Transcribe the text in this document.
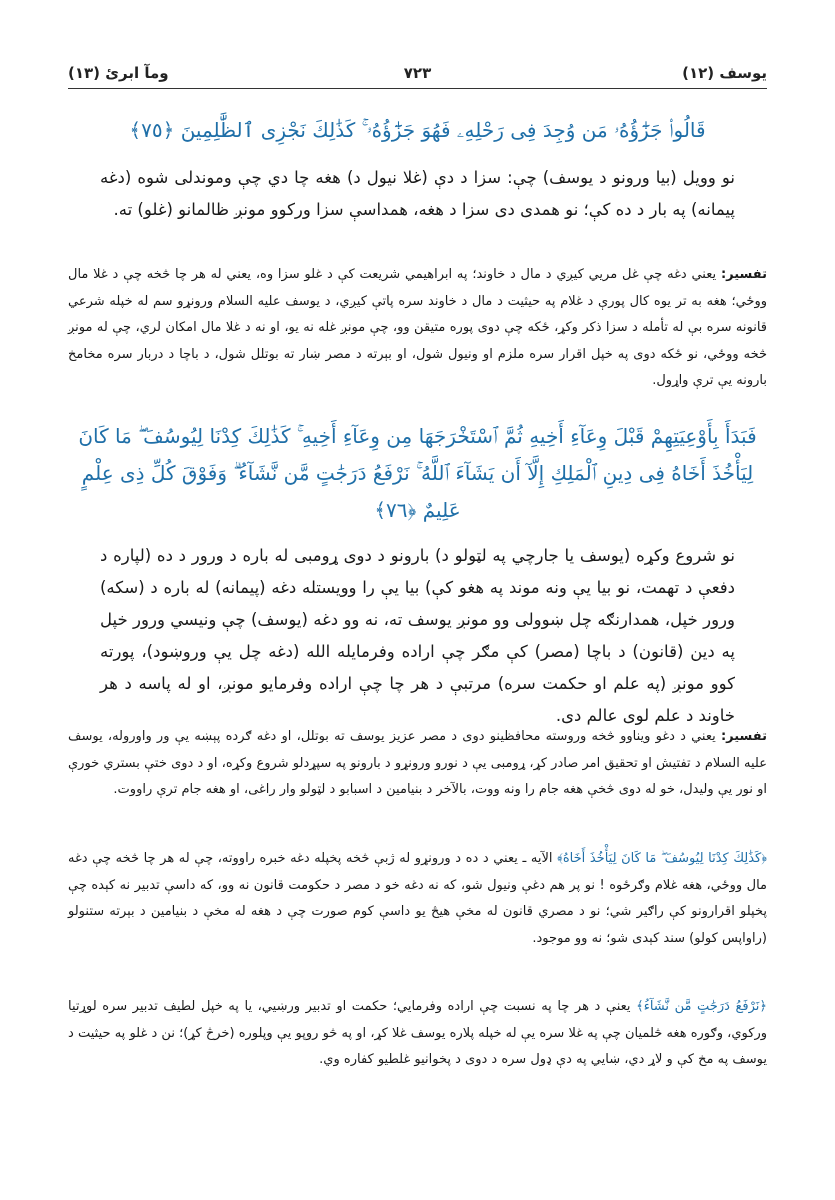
يوسف (١٢)
٧٢٣
ومآ ابرئ (١٣)
قَالُوا۟ جَزَٰٓؤُهُۥ مَن وُجِدَ فِى رَحْلِهِۦ فَهُوَ جَزَٰٓؤُهُۥ ۚ كَذَٰلِكَ نَجْزِى ٱلظَّٰلِمِينَ ﴿٧٥﴾
نو وويل (بيا ورونو د يوسف) چې: سزا د دې (غلا نيول د) هغه چا دي چې وموندلى شوه (دغه پيمانه) په بار د ده كې؛ نو همدى دى سزا د هغه، همداسې سزا وركوو مونږ ظالمانو (غلو) ته.
تفسير: يعني دغه چې غل مريي كيږي د مال د خاوند؛ په ابراهيمي شريعت كې د غلو سزا وه، يعني له هر چا څخه چې د غلا مال ووځي؛ هغه به تر يوه كال پورې د غلام په حيثيت د مال د خاوند سره پاتې كيږي، د يوسف عليه السلام ورونړو سم له خپله شرعي قانونه سره بې له تأمله د سزا ذكر وكړ، ځكه چې دوى پوره متيقن وو، چې مونږ غله نه يو، او نه د غلا مال امكان لري، چې له مونږ څخه ووځي، نو ځكه دوى په خپل اقرار سره ملزم او ونيول شول، او بېرته د مصر ښار ته بوتلل شول، د باچا د دربار سره مخامخ بارونه يې ترې واړول.
فَبَدَأَ بِأَوْعِيَتِهِمْ قَبْلَ وِعَآءِ أَخِيهِ ثُمَّ ٱسْتَخْرَجَهَا مِن وِعَآءِ أَخِيهِ ۚ كَذَٰلِكَ كِدْنَا لِيُوسُفَ ۖ مَا كَانَ لِيَأْخُذَ أَخَاهُ فِى دِينِ ٱلْمَلِكِ إِلَّآ أَن يَشَآءَ ٱللَّهُ ۚ نَرْفَعُ دَرَجَٰتٍ مَّن نَّشَآءُ ۗ وَفَوْقَ كُلِّ ذِى عِلْمٍ عَلِيمٌ ﴿٧٦﴾
نو شروع وكړه (يوسف يا جارچي په لټولو د) بارونو د دوى ړومبى له باره د ورور د ده (لپاره د دفعې د تهمت، نو بيا يې ونه موند په هغو كې) بيا يې را وويستله دغه (پيمانه) له باره د (سكه) ورور خپل، همدارنګه چل ښوولى وو مونږ يوسف ته، نه وو دغه (يوسف) چې ونيسي ورور خپل په دين (قانون) د باچا (مصر) كې مګر چې اراده وفرمايله الله (دغه چل يې وروښود)، پورته كوو مونږ (په علم او حكمت سره) مرتبې د هر چا چې اراده وفرمايو مونږ، او له پاسه د هر خاوند د علم لوى عالم دى.
تفسير: يعني د دغو ويناوو څخه وروسته محافظينو دوى د مصر عزيز يوسف ته بوتلل، او دغه ګرده پېښه يې ور واوروله، يوسف عليه السلام د تفتيش او تحقيق امر صادر كړ، ړومبى يې د نورو ورونړو د بارونو په سپړدلو شروع وكړه، او د دوى ختې بستري خورې او نور يې وليدل، خو له دوى څخې هغه جام را ونه ووت، بالآخر د بنيامين د اسبابو د لټولو وار راغى، او هغه جام ترې راووت.
﴿كَذَٰلِكَ كِدْنَا لِيُوسُفَ ۖ مَا كَانَ لِيَأْخُذَ أَخَاهُ﴾ الآيه ـ يعني د ده د ورونړو له ژبې څخه پخپله دغه خبره راووته، چې له هر چا څخه چې دغه مال ووځي، هغه غلام وګرځوه ! نو پر هم دغې ونيول شو، كه نه دغه خو د مصر د حكومت قانون نه وو، كه داسې تدبير نه كېده چې پخپلو اقرارونو كې راګير شي؛ نو د مصري قانون له مخې هيڅ يو داسې كوم صورت چې د هغه له مخې د بنيامين د بېرته ستنولو (راواپس كولو) سند كېدى شو؛ نه وو موجود.
﴿نَرْفَعُ دَرَجَٰتٍ مَّن نَّشَآءُ﴾ يعنې د هر چا په نسبت چې اراده وفرمايي؛ حكمت او تدبير ورښيي، يا په خپل لطيف تدبير سره لوړتيا وركوي، وګوره هغه څلميان چې په غلا سره يې له خپله پلاره يوسف غلا كړ، او په څو روپو يې وپلوره (خرڅ كړ)؛ نن د غلو په حيثيت د يوسف په مخ كې و لاړ دي، ښايي په دې ډول سره د دوى د پخوانيو غلطيو كفاره وي.
